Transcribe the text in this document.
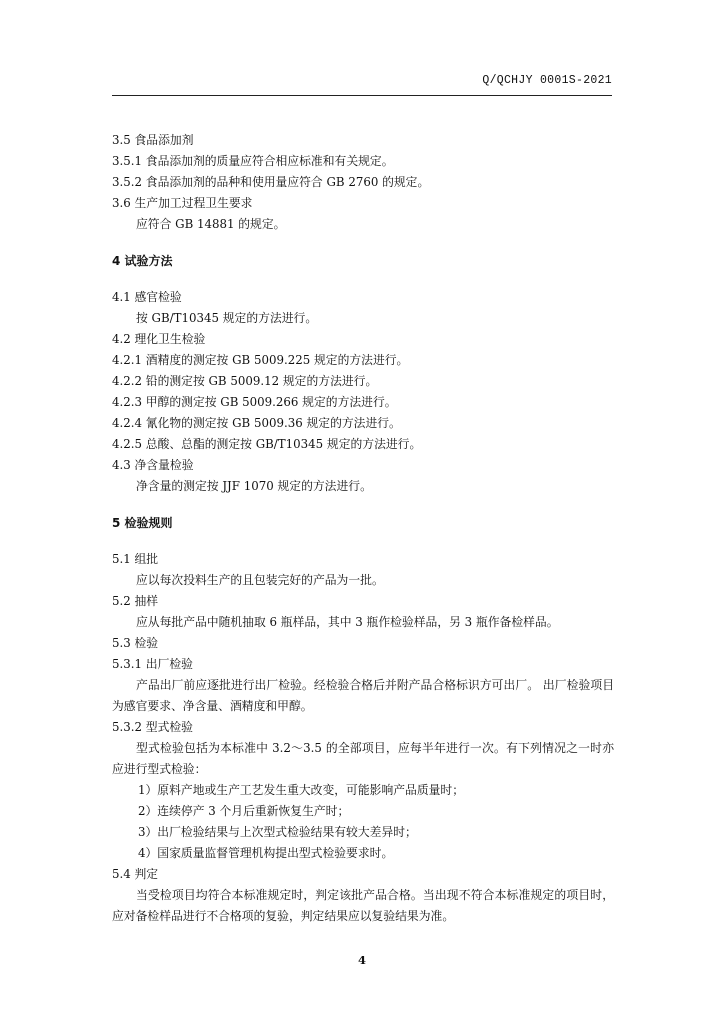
Q/QCHJY 0001S-2021
3.5 食品添加剂
3.5.1 食品添加剂的质量应符合相应标准和有关规定。
3.5.2 食品添加剂的品种和使用量应符合 GB 2760 的规定。
3.6 生产加工过程卫生要求
应符合 GB 14881 的规定。
4 试验方法
4.1 感官检验
按 GB/T10345 规定的方法进行。
4.2 理化卫生检验
4.2.1 酒精度的测定按 GB 5009.225 规定的方法进行。
4.2.2 铅的测定按 GB 5009.12 规定的方法进行。
4.2.3 甲醇的测定按 GB 5009.266 规定的方法进行。
4.2.4 氰化物的测定按 GB 5009.36 规定的方法进行。
4.2.5 总酸、总酯的测定按 GB/T10345 规定的方法进行。
4.3 净含量检验
净含量的测定按 JJF 1070 规定的方法进行。
5 检验规则
5.1 组批
应以每次投料生产的且包装完好的产品为一批。
5.2 抽样
应从每批产品中随机抽取 6 瓶样品，其中 3 瓶作检验样品，另 3 瓶作备检样品。
5.3 检验
5.3.1 出厂检验
产品出厂前应逐批进行出厂检验。经检验合格后并附产品合格标识方可出厂。 出厂检验项目为感官要求、净含量、酒精度和甲醇。
5.3.2 型式检验
型式检验包括为本标准中 3.2～3.5 的全部项目，应每半年进行一次。有下列情况之一时亦应进行型式检验：
1）原料产地或生产工艺发生重大改变，可能影响产品质量时；
2）连续停产 3 个月后重新恢复生产时；
3）出厂检验结果与上次型式检验结果有较大差异时；
4）国家质量监督管理机构提出型式检验要求时。
5.4 判定
当受检项目均符合本标准规定时，判定该批产品合格。当出现不符合本标准规定的项目时，应对备检样品进行不合格项的复验，判定结果应以复验结果为准。
4
